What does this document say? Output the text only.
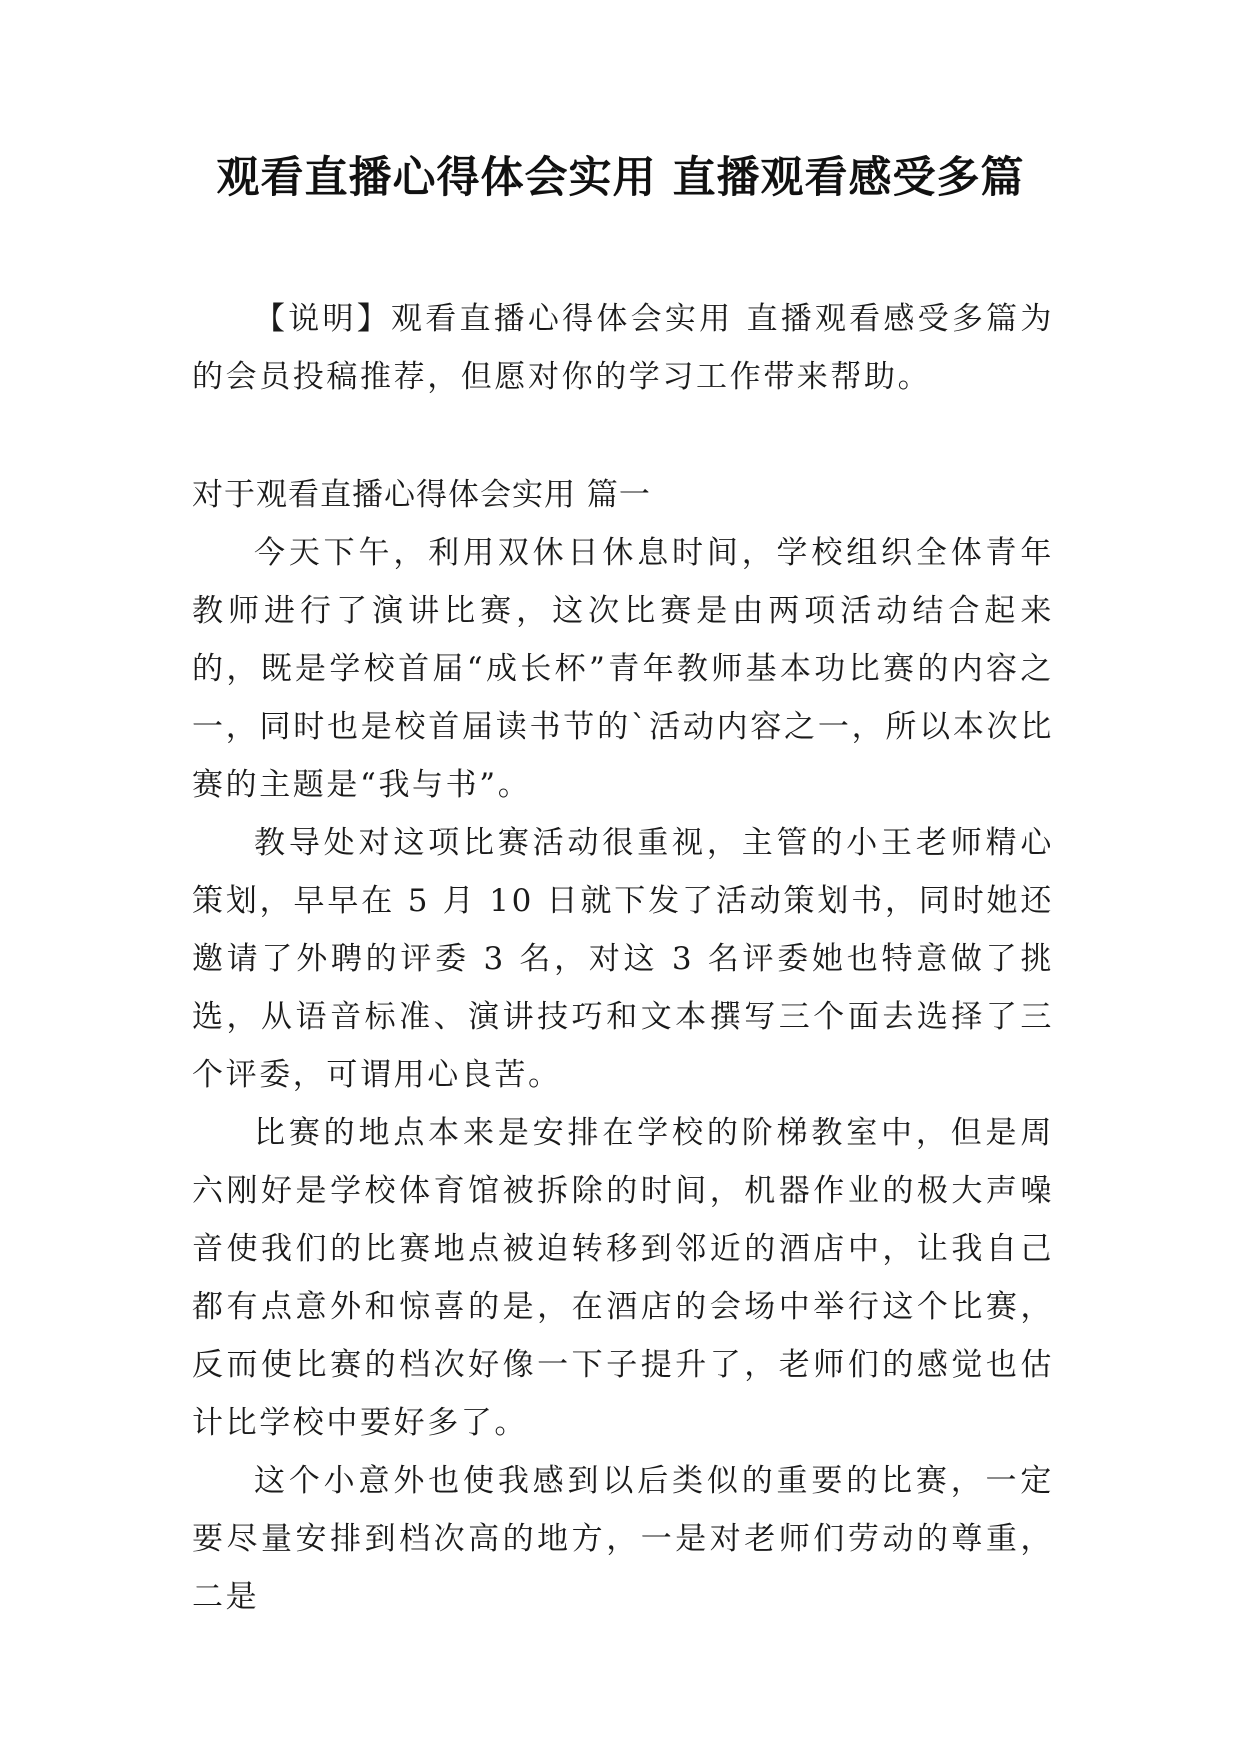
观看直播心得体会实用 直播观看感受多篇

【说明】观看直播心得体会实用 直播观看感受多篇为的会员投稿推荐，但愿对你的学习工作带来帮助。

对于观看直播心得体会实用 篇一

今天下午，利用双休日休息时间，学校组织全体青年教师进行了演讲比赛，这次比赛是由两项活动结合起来的，既是学校首届“成长杯”青年教师基本功比赛的内容之一，同时也是校首届读书节的`活动内容之一，所以本次比赛的主题是“我与书”。

教导处对这项比赛活动很重视，主管的小王老师精心策划，早早在 5 月 10 日就下发了活动策划书，同时她还邀请了外聘的评委 3 名，对这 3 名评委她也特意做了挑选，从语音标准、演讲技巧和文本撰写三个面去选择了三个评委，可谓用心良苦。

比赛的地点本来是安排在学校的阶梯教室中，但是周六刚好是学校体育馆被拆除的时间，机器作业的极大声噪音使我们的比赛地点被迫转移到邻近的酒店中，让我自己都有点意外和惊喜的是，在酒店的会场中举行这个比赛，反而使比赛的档次好像一下子提升了，老师们的感觉也估计比学校中要好多了。

这个小意外也使我感到以后类似的重要的比赛，一定要尽量安排到档次高的地方，一是对老师们劳动的尊重，二是
